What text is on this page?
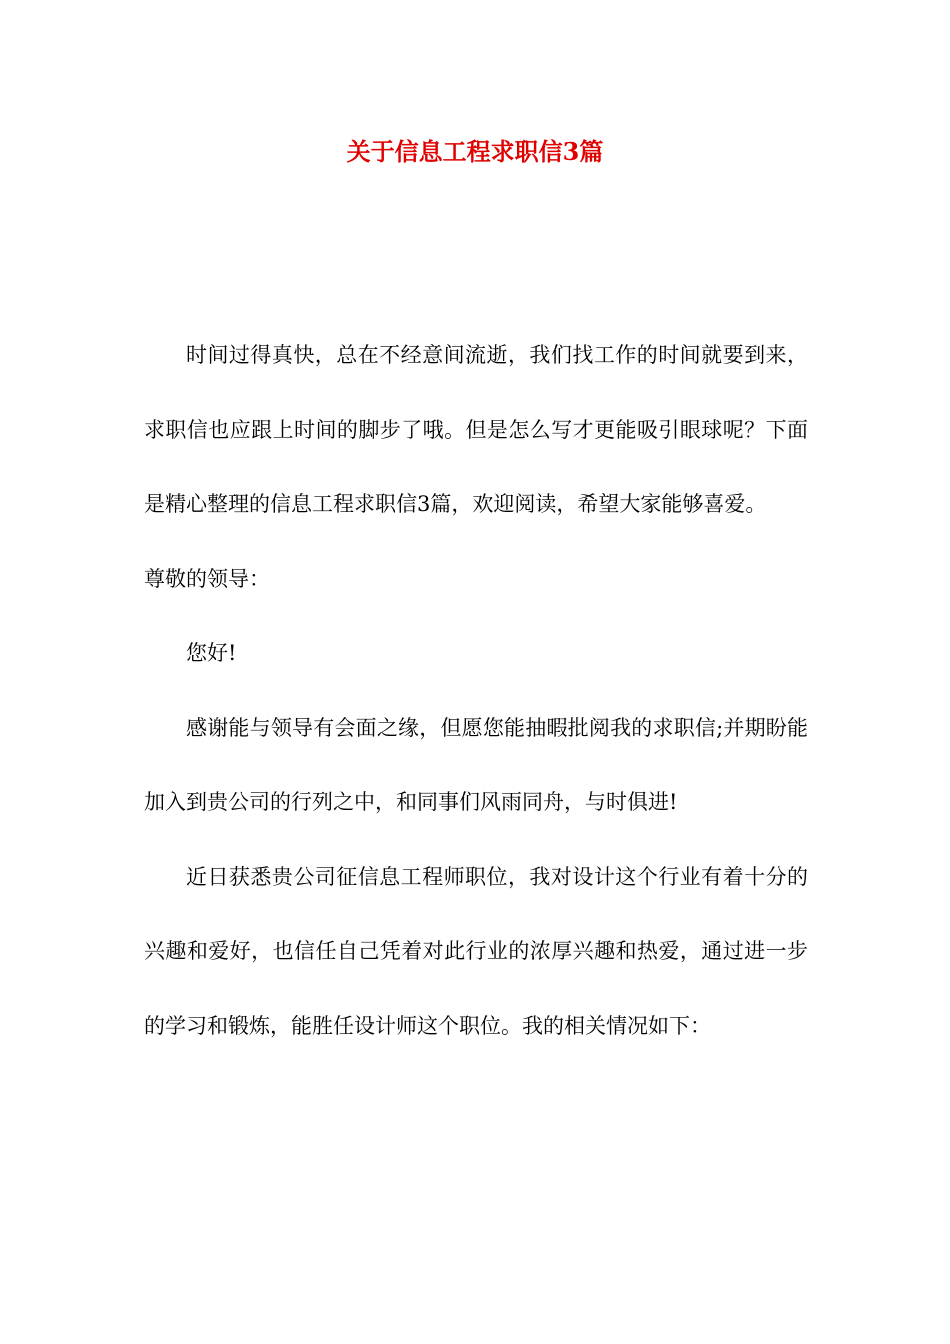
关于信息工程求职信3篇

时间过得真快，总在不经意间流逝，我们找工作的时间就要到来，求职信也应跟上时间的脚步了哦。但是怎么写才更能吸引眼球呢？下面是精心整理的信息工程求职信3篇，欢迎阅读，希望大家能够喜爱。

尊敬的领导：

您好!

感谢能与领导有会面之缘，但愿您能抽暇批阅我的求职信;并期盼能加入到贵公司的行列之中，和同事们风雨同舟，与时俱进!

近日获悉贵公司征信息工程师职位，我对设计这个行业有着十分的兴趣和爱好，也信任自己凭着对此行业的浓厚兴趣和热爱，通过进一步的学习和锻炼，能胜任设计师这个职位。我的相关情况如下：
